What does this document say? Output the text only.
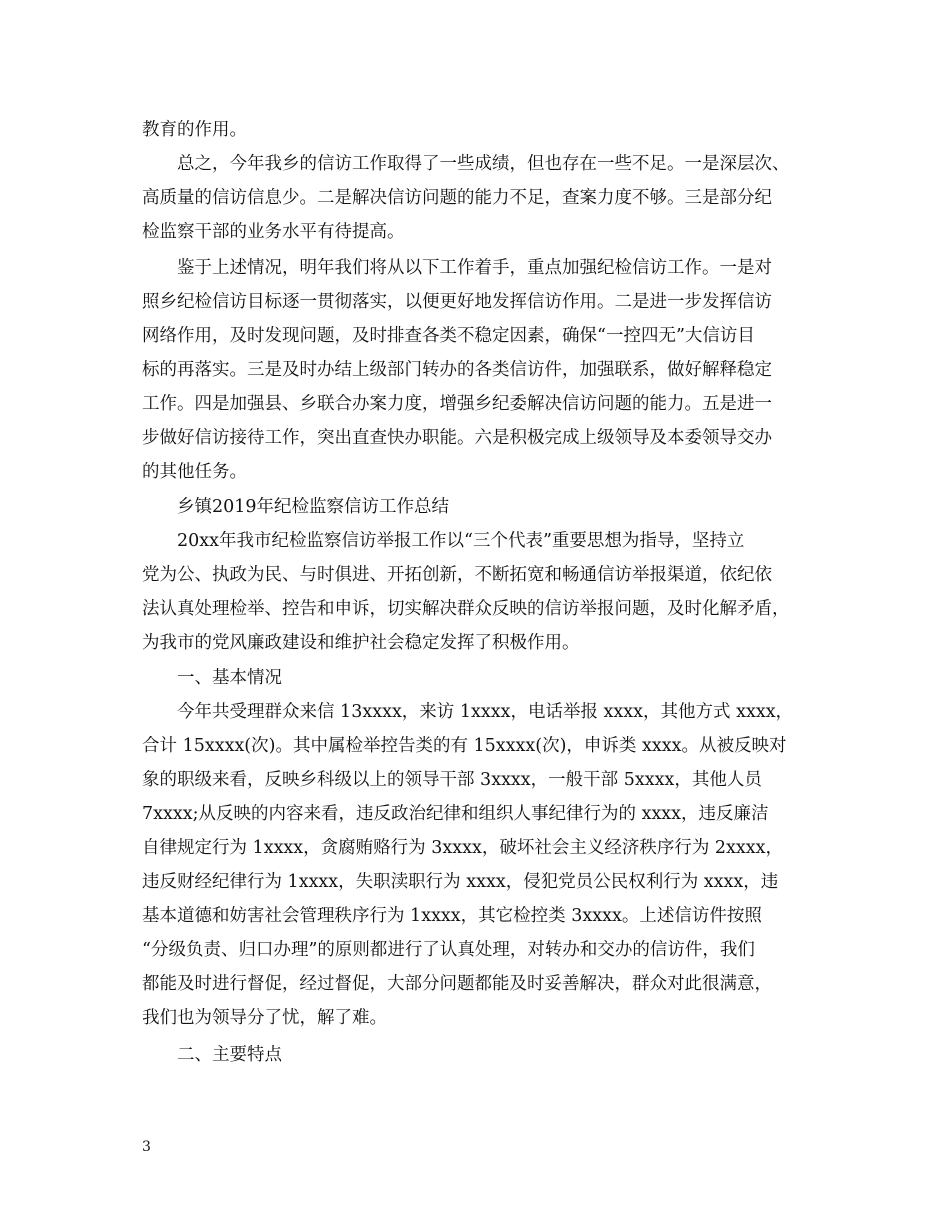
教育的作用。
总之，今年我乡的信访工作取得了一些成绩，但也存在一些不足。一是深层次、
高质量的信访信息少。二是解决信访问题的能力不足，查案力度不够。三是部分纪
检监察干部的业务水平有待提高。
鉴于上述情况，明年我们将从以下工作着手，重点加强纪检信访工作。一是对
照乡纪检信访目标逐一贯彻落实，以便更好地发挥信访作用。二是进一步发挥信访
网络作用，及时发现问题，及时排查各类不稳定因素，确保“一控四无”大信访目
标的再落实。三是及时办结上级部门转办的各类信访件，加强联系，做好解释稳定
工作。四是加强县、乡联合办案力度，增强乡纪委解决信访问题的能力。五是进一
步做好信访接待工作，突出直查快办职能。六是积极完成上级领导及本委领导交办
的其他任务。
乡镇2019年纪检监察信访工作总结
20xx年我市纪检监察信访举报工作以“三个代表”重要思想为指导，坚持立
党为公、执政为民、与时俱进、开拓创新，不断拓宽和畅通信访举报渠道，依纪依
法认真处理检举、控告和申诉，切实解决群众反映的信访举报问题，及时化解矛盾，
为我市的党风廉政建设和维护社会稳定发挥了积极作用。
一、基本情况
今年共受理群众来信 13xxxx，来访 1xxxx，电话举报 xxxx，其他方式 xxxx，
合计 15xxxx(次)。其中属检举控告类的有 15xxxx(次)，申诉类 xxxx。从被反映对
象的职级来看，反映乡科级以上的领导干部 3xxxx，一般干部 5xxxx，其他人员
7xxxx;从反映的内容来看，违反政治纪律和组织人事纪律行为的 xxxx，违反廉洁
自律规定行为 1xxxx，贪腐贿赂行为 3xxxx，破坏社会主义经济秩序行为 2xxxx，
违反财经纪律行为 1xxxx，失职渎职行为 xxxx，侵犯党员公民权利行为 xxxx，违
基本道德和妨害社会管理秩序行为 1xxxx，其它检控类 3xxxx。上述信访件按照
“分级负责、归口办理”的原则都进行了认真处理，对转办和交办的信访件，我们
都能及时进行督促，经过督促，大部分问题都能及时妥善解决，群众对此很满意，
我们也为领导分了忧，解了难。
二、主要特点
3
